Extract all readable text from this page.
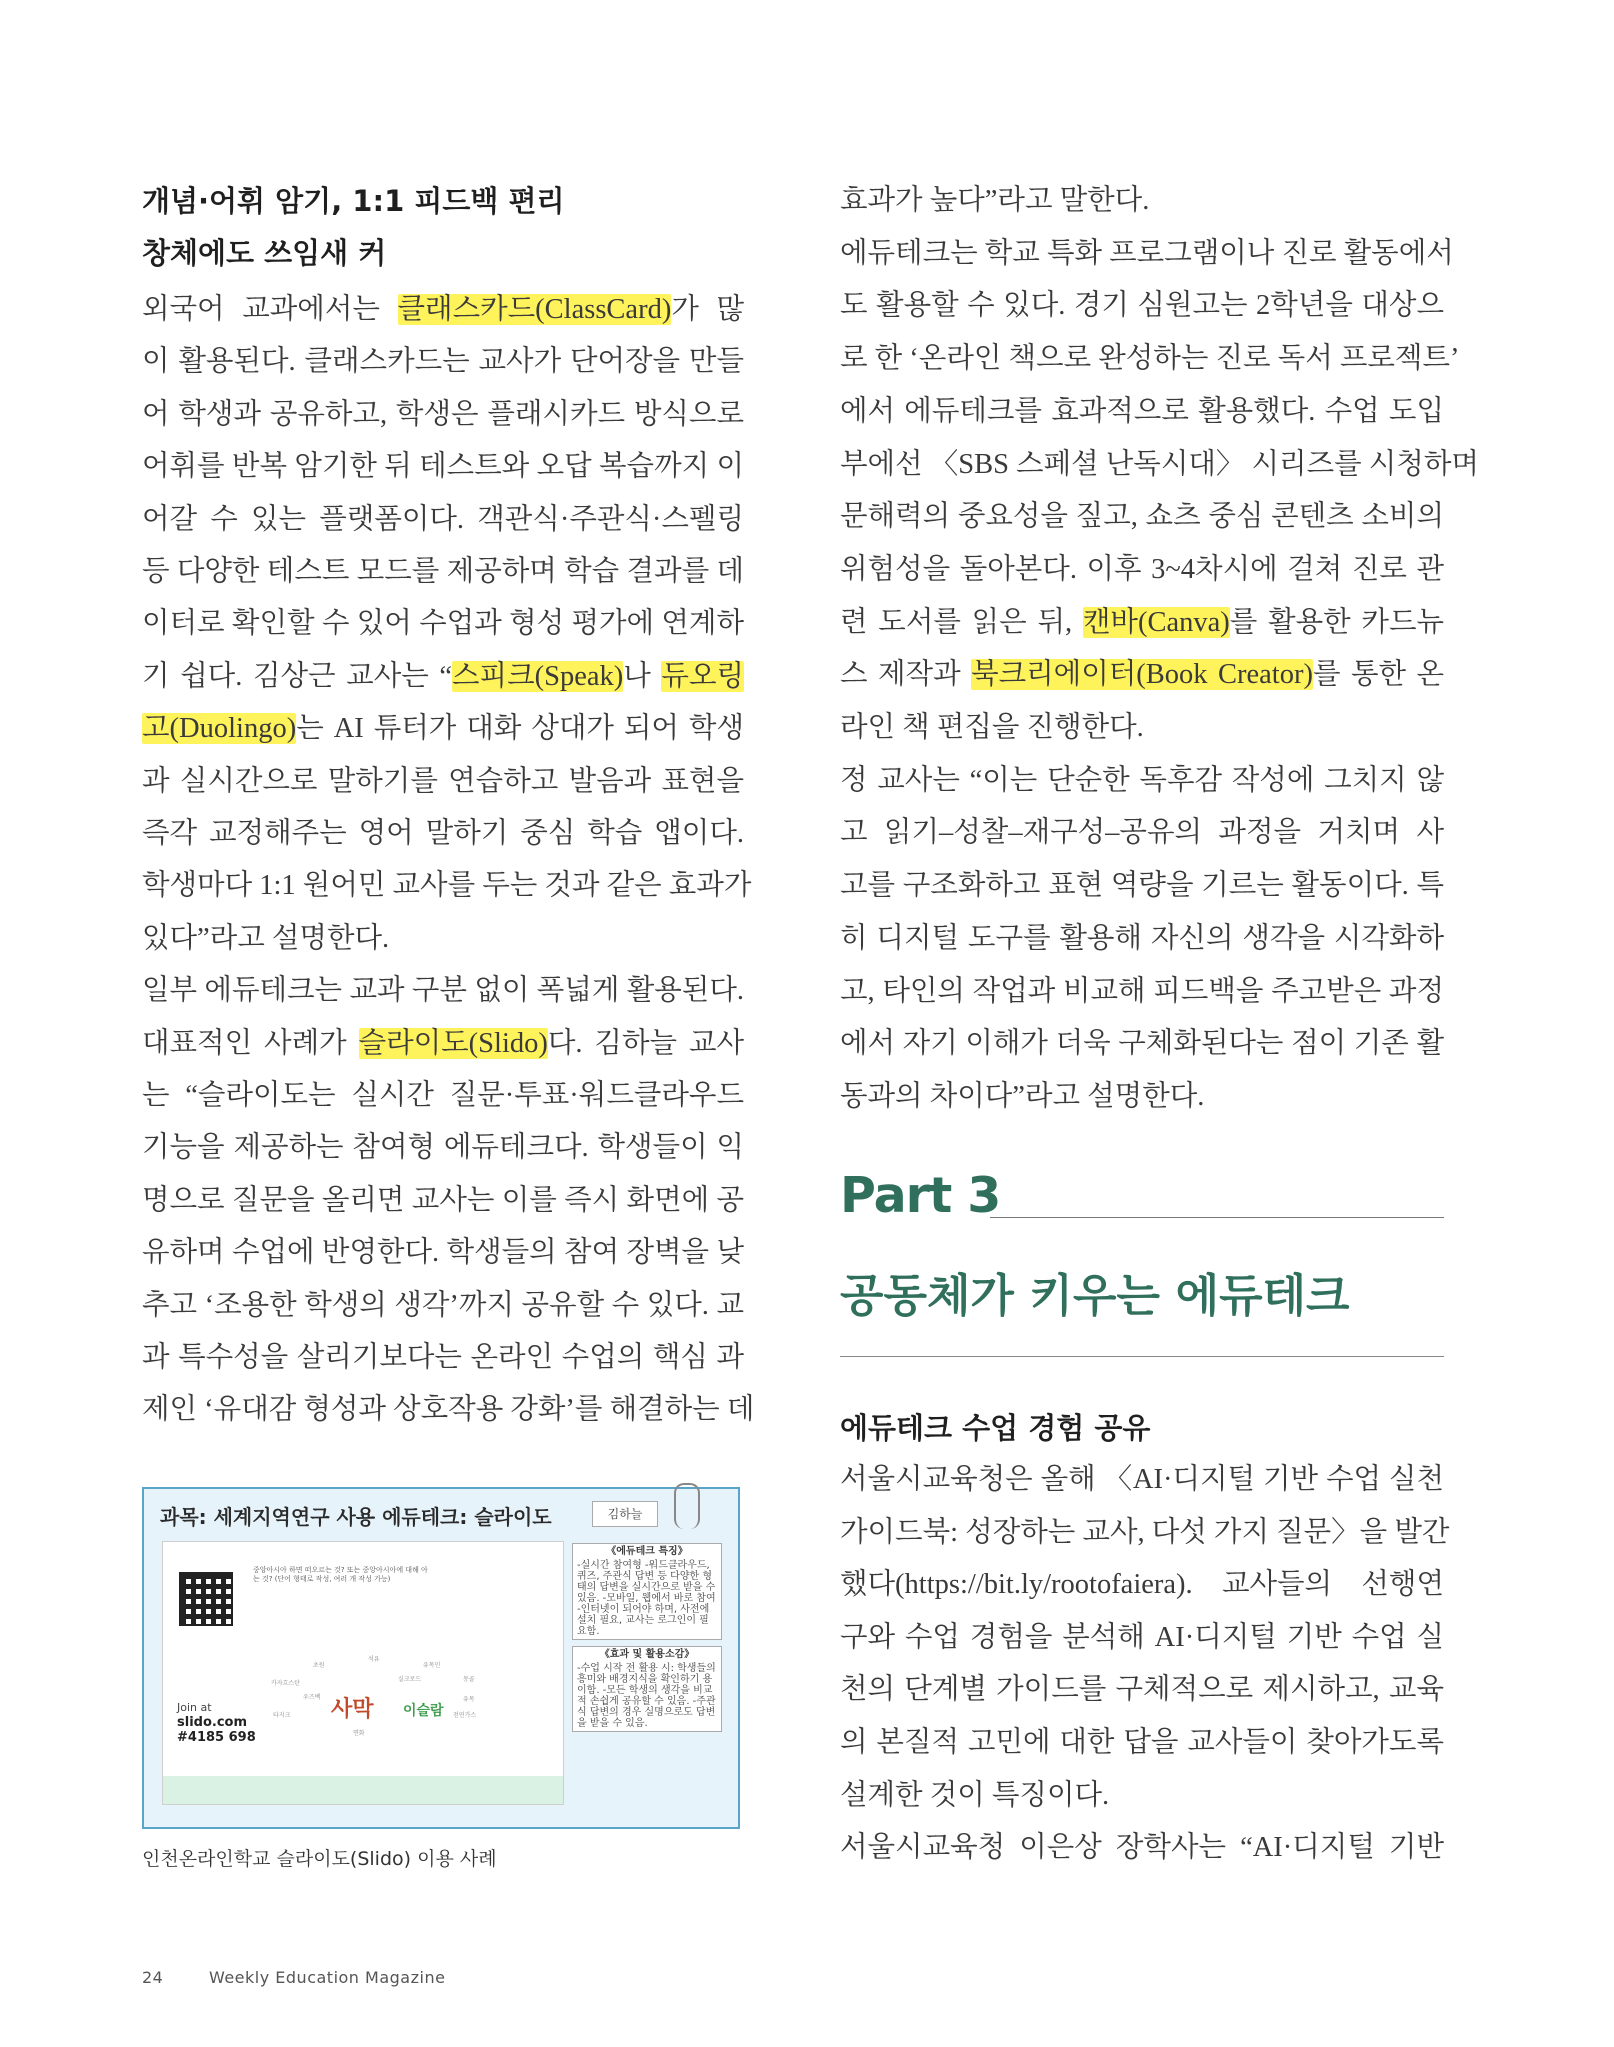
개념·어휘 암기, 1:1 피드백 편리
창체에도 쓰임새 커
외국어 교과에서는 클래스카드(ClassCard)가 많
이 활용된다. 클래스카드는 교사가 단어장을 만들
어 학생과 공유하고, 학생은 플래시카드 방식으로
어휘를 반복 암기한 뒤 테스트와 오답 복습까지 이
어갈 수 있는 플랫폼이다. 객관식·주관식·스펠링
등 다양한 테스트 모드를 제공하며 학습 결과를 데
이터로 확인할 수 있어 수업과 형성 평가에 연계하
기 쉽다. 김상근 교사는 “스피크(Speak)나 듀오링
고(Duolingo)는 AI 튜터가 대화 상대가 되어 학생
과 실시간으로 말하기를 연습하고 발음과 표현을
즉각 교정해주는 영어 말하기 중심 학습 앱이다.
학생마다 1:1 원어민 교사를 두는 것과 같은 효과가
있다”라고 설명한다.
일부 에듀테크는 교과 구분 없이 폭넓게 활용된다.
대표적인 사례가 슬라이도(Slido)다. 김하늘 교사
는 “슬라이도는 실시간 질문·투표·워드클라우드
기능을 제공하는 참여형 에듀테크다. 학생들이 익
명으로 질문을 올리면 교사는 이를 즉시 화면에 공
유하며 수업에 반영한다. 학생들의 참여 장벽을 낮
추고 ‘조용한 학생의 생각’까지 공유할 수 있다. 교
과 특수성을 살리기보다는 온라인 수업의 핵심 과
제인 ‘유대감 형성과 상호작용 강화’를 해결하는 데
효과가 높다”라고 말한다.
에듀테크는 학교 특화 프로그램이나 진로 활동에서
도 활용할 수 있다. 경기 심원고는 2학년을 대상으
로 한 ‘온라인 책으로 완성하는 진로 독서 프로젝트’
에서 에듀테크를 효과적으로 활용했다. 수업 도입
부에선 〈SBS 스페셜 난독시대〉 시리즈를 시청하며
문해력의 중요성을 짚고, 쇼츠 중심 콘텐츠 소비의
위험성을 돌아본다. 이후 3~4차시에 걸쳐 진로 관
련 도서를 읽은 뒤, 캔바(Canva)를 활용한 카드뉴
스 제작과 북크리에이터(Book Creator)를 통한 온
라인 책 편집을 진행한다.
정 교사는 “이는 단순한 독후감 작성에 그치지 않
고 읽기–성찰–재구성–공유의 과정을 거치며 사
고를 구조화하고 표현 역량을 기르는 활동이다. 특
히 디지털 도구를 활용해 자신의 생각을 시각화하
고, 타인의 작업과 비교해 피드백을 주고받은 과정
에서 자기 이해가 더욱 구체화된다는 점이 기존 활
동과의 차이다”라고 설명한다.
Part 3
공동체가 키우는 에듀테크
에듀테크 수업 경험 공유
서울시교육청은 올해 〈AI·디지털 기반 수업 실천
가이드북: 성장하는 교사, 다섯 가지 질문〉을 발간
했다(https://bit.ly/rootofaiera). 교사들의 선행연
구와 수업 경험을 분석해 AI·디지털 기반 수업 실
천의 단계별 가이드를 구체적으로 제시하고, 교육
의 본질적 고민에 대한 답을 교사들이 찾아가도록
설계한 것이 특징이다.
서울시교육청 이은상 장학사는 “AI·디지털 기반
과목: 세계지역연구 사용 에듀테크: 슬라이도	김하늘
중앙아시아 하면 떠오르는 것? 또는 중앙아시아에 대해 아는 것? (단어 형태로 작성, 여러 개 작성 가능)
Join at
slido.com
#4185 698
사막 이슬람
초원
석유
유목민
카자흐스탄
실크로드	몽골
우즈벡
타지크	천연가스
유목
면화
《에듀테크 특징》
-실시간 참여형 -워드클라우드, 퀴즈, 주관식 답변 등 다양한 형태의 답변을 실시간으로 받을 수 있음. -모바일, 웹에서 바로 참여 -인터넷이 되어야 하며, 사전에 설치 필요, 교사는 로그인이 필요함.
《효과 및 활용소감》
-수업 시작 전 활용 시: 학생들의 흥미와 배경지식을 확인하기 용이함. -모든 학생의 생각을 비교적 손쉽게 공유할 수 있음. -주관식 답변의 경우 실명으로도 답변을 받을 수 있음.
인천온라인학교 슬라이도(Slido) 이용 사례
24	Weekly Education Magazine
